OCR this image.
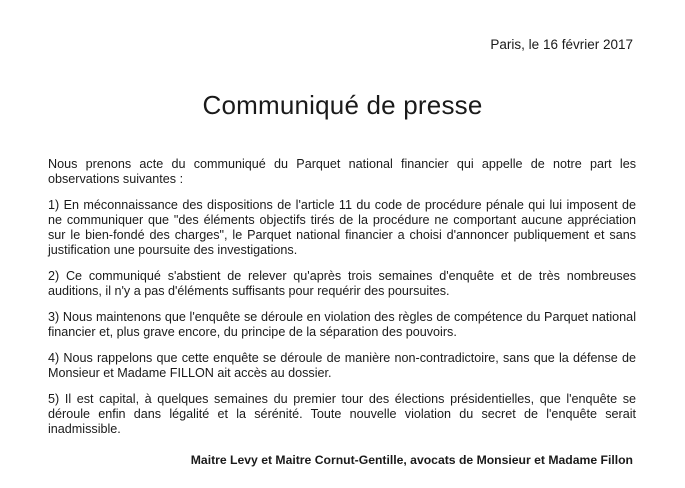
Paris, le 16 février 2017
Communiqué de presse

Nous prenons acte du communiqué du Parquet national financier qui appelle de notre part les observations suivantes :

1) En méconnaissance des dispositions de l'article 11 du code de procédure pénale qui lui imposent de ne communiquer que "des éléments objectifs tirés de la procédure ne comportant aucune appréciation sur le bien-fondé des charges", le Parquet national financier a choisi d'annoncer publiquement et sans justification une poursuite des investigations.

2) Ce communiqué s'abstient de relever qu'après trois semaines d'enquête et de très nombreuses auditions, il n'y a pas d'éléments suffisants pour requérir des poursuites.

3) Nous maintenons que l'enquête se déroule en violation des règles de compétence du Parquet national financier et, plus grave encore, du principe de la séparation des pouvoirs.

4) Nous rappelons que cette enquête se déroule de manière non-contradictoire, sans que la défense de Monsieur et Madame FILLON ait accès au dossier.

5) Il est capital, à quelques semaines du premier tour des élections présidentielles, que l'enquête se déroule enfin dans légalité et la sérénité. Toute nouvelle violation du secret de l'enquête serait inadmissible.

Maitre Levy et Maitre Cornut-Gentille, avocats de Monsieur et Madame Fillon
